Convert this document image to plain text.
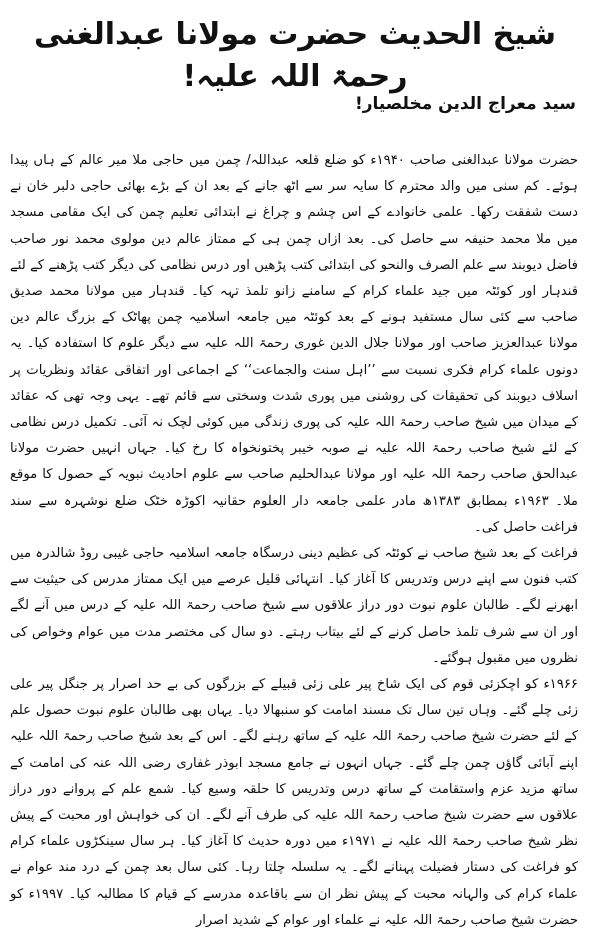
شیخ الحدیث حضرت مولانا عبدالغنی رحمۃ اللہ علیہ!
سید معراج الدین مخلصیار!

حضرت مولانا عبدالغنی صاحب ۱۹۴۰ء کو ضلع قلعہ عبداللہ/ چمن میں حاجی ملا میر عالم کے ہاں پیدا ہوئے۔ کم سنی میں والد محترم کا سایہ سر سے اٹھ جانے کے بعد ان کے بڑے بھائی حاجی دلبر خان نے دست شفقت رکھا۔ علمی خانوادے کے اس چشم و چراغ نے ابتدائی تعلیم چمن کی ایک مقامی مسجد میں ملا محمد حنیفہ سے حاصل کی۔ بعد ازاں چمن ہی کے ممتاز عالم دین مولوی محمد نور صاحب فاضل دیوبند سے علم الصرف والنحو کی ابتدائی کتب پڑھیں اور درس نظامی کی دیگر کتب پڑھنے کے لئے قندہار اور کوئٹہ میں جید علماء کرام کے سامنے زانو تلمذ تہہ کیا۔ قندہار میں مولانا محمد صدیق صاحب سے کئی سال مستفید ہونے کے بعد کوئٹہ میں جامعہ اسلامیہ چمن پھاٹک کے بزرگ عالم دین مولانا عبدالعزیز صاحب اور مولانا جلال الدین غوری رحمۃ اللہ علیہ سے دیگر علوم کا استفادہ کیا۔ یہ دونوں علماء کرام فکری نسبت سے ’’اہل سنت والجماعت‘‘ کے اجماعی اور اتفاقی عقائد ونظریات پر اسلاف دیوبند کی تحقیقات کی روشنی میں پوری شدت وسختی سے قائم تھے۔ یہی وجہ تھی کہ عقائد کے میدان میں شیخ صاحب رحمۃ اللہ علیہ کی پوری زندگی میں کوئی لچک نہ آئی۔ تکمیل درس نظامی کے لئے شیخ صاحب رحمۃ اللہ علیہ نے صوبہ خیبر پختونخواہ کا رخ کیا۔ جہاں انہیں حضرت مولانا عبدالحق صاحب رحمۃ اللہ علیہ اور مولانا عبدالحلیم صاحب سے علوم احادیث نبویہ کے حصول کا موقع ملا۔ ۱۹۶۳ء بمطابق ۱۳۸۳ھ مادر علمی جامعہ دار العلوم حقانیہ اکوڑہ خٹک ضلع نوشہرہ سے سند فراغت حاصل کی۔

فراغت کے بعد شیخ صاحب نے کوئٹہ کی عظیم دینی درسگاہ جامعہ اسلامیہ حاجی غیبی روڈ شالدرہ میں کتب فنون سے اپنے درس وتدریس کا آغاز کیا۔ انتہائی قلیل عرصے میں ایک ممتاز مدرس کی حیثیت سے ابھرنے لگے۔ طالبان علوم نبوت دور دراز علاقوں سے شیخ صاحب رحمۃ اللہ علیہ کے درس میں آنے لگے اور ان سے شرف تلمذ حاصل کرنے کے لئے بیتاب رہتے۔ دو سال کی مختصر مدت میں عوام وخواص کی نظروں میں مقبول ہوگئے۔

۱۹۶۶ء کو اچکزئی قوم کی ایک شاخ پیر علی زئی قبیلے کے بزرگوں کی بے حد اصرار پر جنگل پیر علی زئی چلے گئے۔ وہاں تین سال تک مسند امامت کو سنبھالا دیا۔ یہاں بھی طالبان علوم نبوت حصول علم کے لئے حضرت شیخ صاحب رحمۃ اللہ علیہ کے ساتھ رہنے لگے۔ اس کے بعد شیخ صاحب رحمۃ اللہ علیہ اپنے آبائی گاؤں چمن چلے گئے۔ جہاں انہوں نے جامع مسجد ابوذر غفاری رضی اللہ عنہ کی امامت کے ساتھ مزید عزم واستقامت کے ساتھ درس وتدریس کا حلقہ وسیع کیا۔ شمع علم کے پروانے دور دراز علاقوں سے حضرت شیخ صاحب رحمۃ اللہ علیہ کی طرف آنے لگے۔ ان کی خواہش اور محبت کے پیش نظر شیخ صاحب رحمۃ اللہ علیہ نے ۱۹۷۱ء میں دورہ حدیث کا آغاز کیا۔ ہر سال سینکڑوں علماء کرام کو فراغت کی دستار فضیلت پہنانے لگے۔ یہ سلسلہ چلتا رہا۔ کئی سال بعد چمن کے درد مند عوام نے علماء کرام کی والہانہ محبت کے پیش نظر ان سے باقاعدہ مدرسے کے قیام کا مطالبہ کیا۔ ۱۹۹۷ء کو حضرت شیخ صاحب رحمۃ اللہ علیہ نے علماء اور عوام کے شدید اصرار
